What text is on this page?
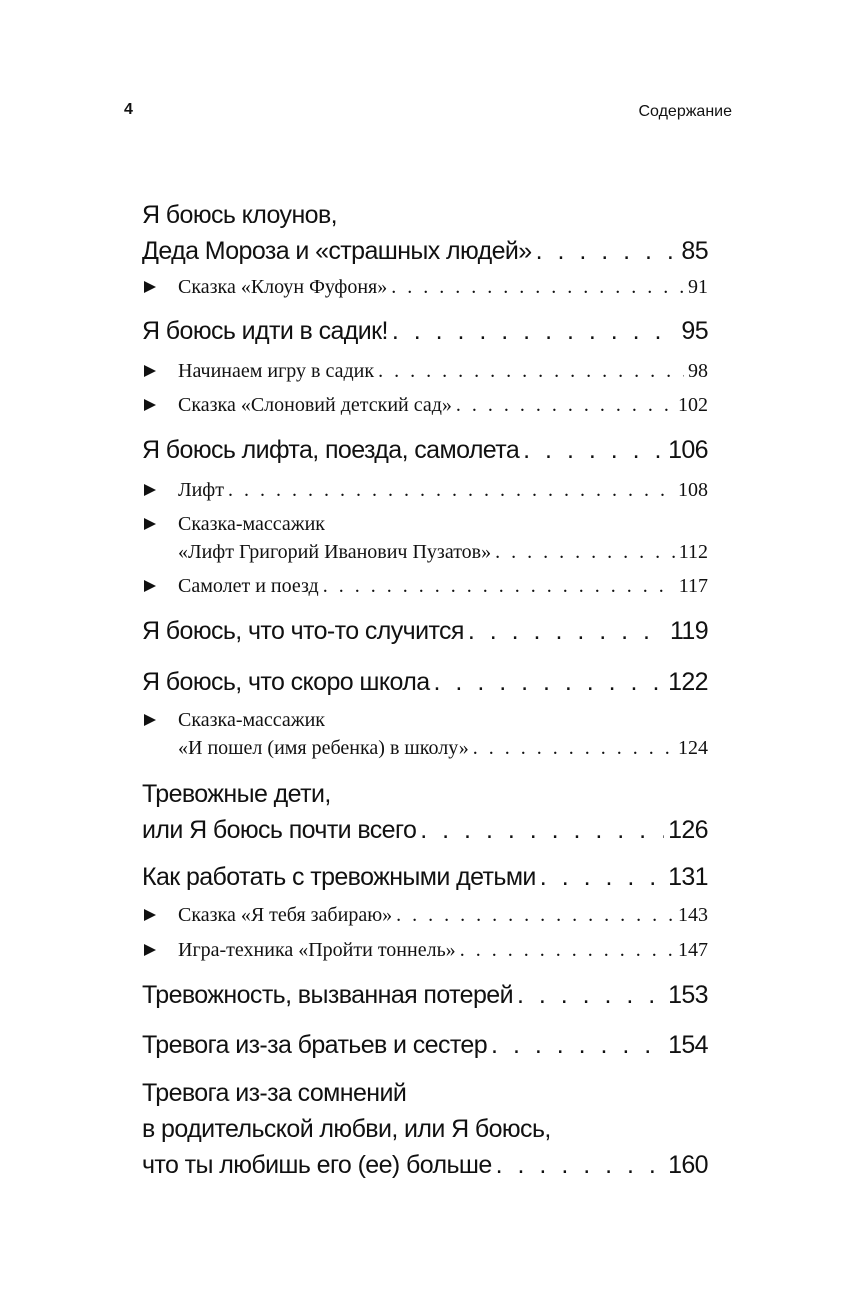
4	Содержание
Я боюсь клоунов,
Деда Мороза и «страшных людей» . . .	85
Сказка «Клоун Фуфоня» . . .	91
Я боюсь идти в садик! . . .	95
Начинаем игру в садик . . .	98
Сказка «Слоновий детский сад» . . .	102
Я боюсь лифта, поезда, самолета . . .	106
Лифт . . .	108
Сказка-массажик
«Лифт Григорий Иванович Пузатов» . . .	112
Самолет и поезд . . .	117
Я боюсь, что что-то случится . . .	119
Я боюсь, что скоро школа . . .	122
Сказка-массажик
«И пошел (имя ребенка) в школу» . . .	124
Тревожные дети,
или Я боюсь почти всего . . .	126
Как работать с тревожными детьми . . .	131
Сказка «Я тебя забираю» . . .	143
Игра-техника «Пройти тоннель» . . .	147
Тревожность, вызванная потерей . . .	153
Тревога из-за братьев и сестер . . .	154
Тревога из-за сомнений
в родительской любви, или Я боюсь,
что ты любишь его (ее) больше . . .	160
